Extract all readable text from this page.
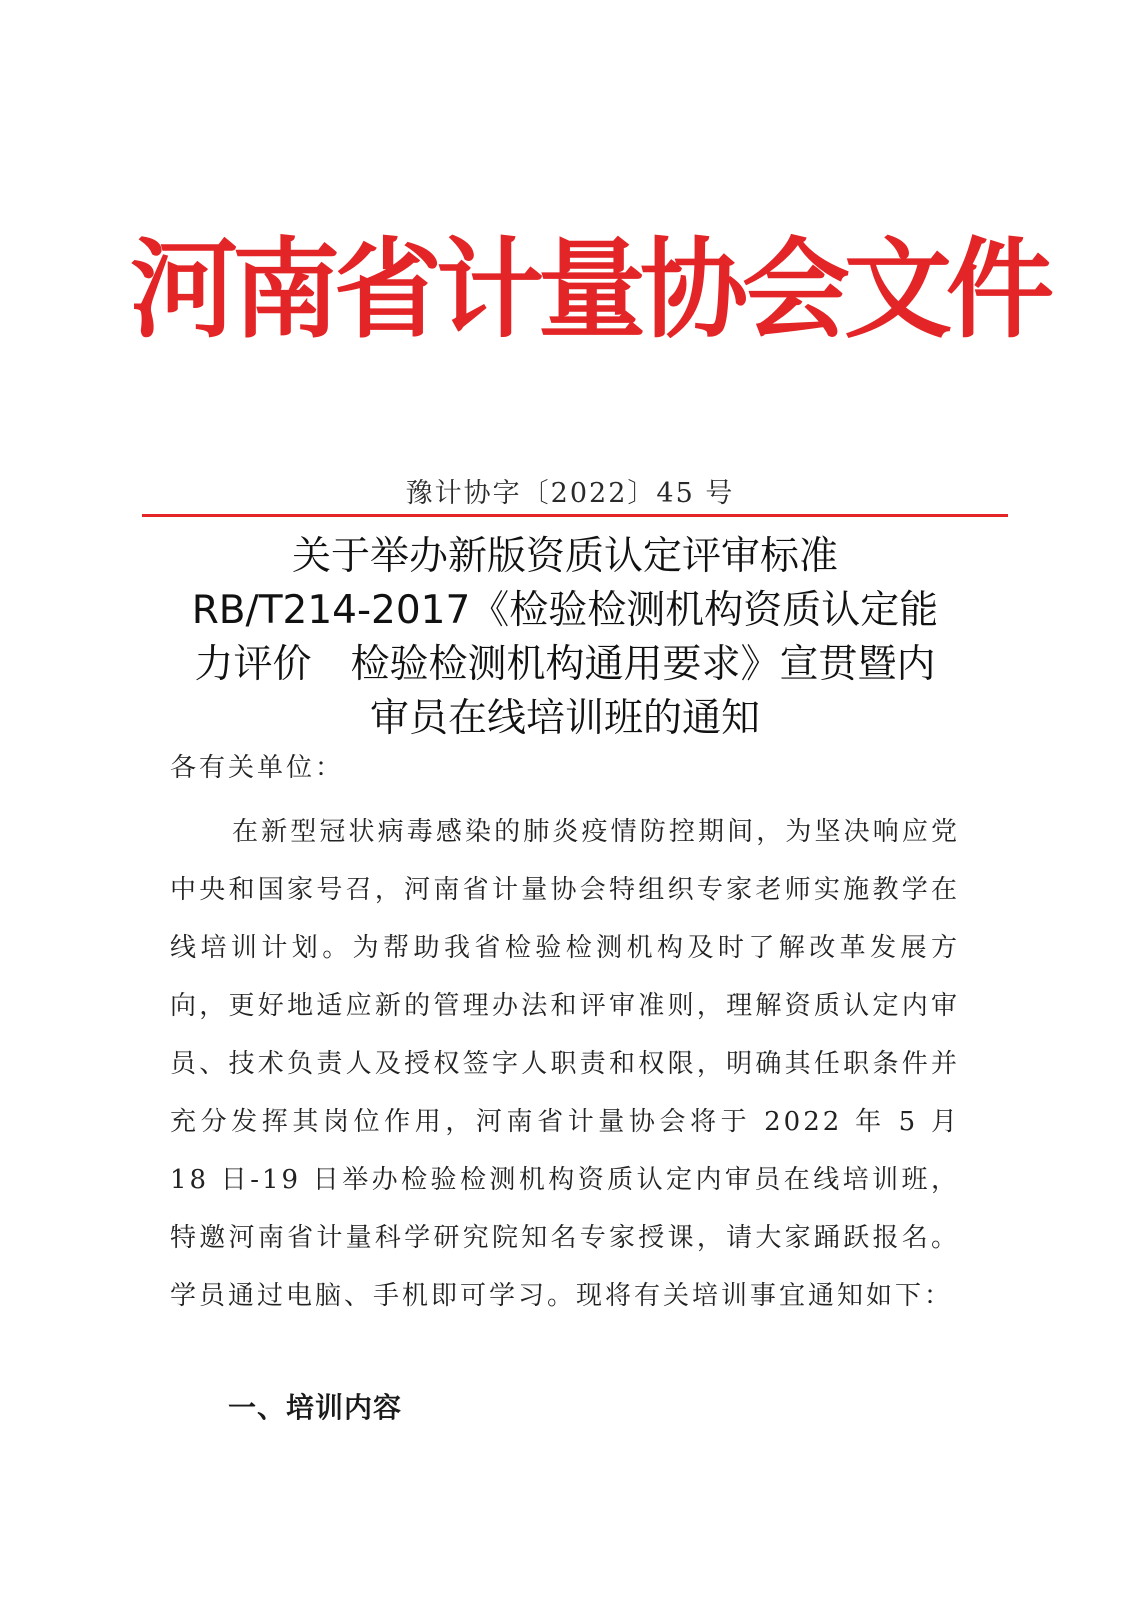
河南省计量协会文件
豫计协字〔2022〕45 号
关于举办新版资质认定评审标准
RB/T214-2017《检验检测机构资质认定能
力评价　检验检测机构通用要求》宣贯暨内
审员在线培训班的通知
各有关单位：

在新型冠状病毒感染的肺炎疫情防控期间，为坚决响应党中央和国家号召，河南省计量协会特组织专家老师实施教学在线培训计划。为帮助我省检验检测机构及时了解改革发展方向，更好地适应新的管理办法和评审准则，理解资质认定内审员、技术负责人及授权签字人职责和权限，明确其任职条件并充分发挥其岗位作用，河南省计量协会将于 2022 年 5 月 18 日-19 日举办检验检测机构资质认定内审员在线培训班，特邀河南省计量科学研究院知名专家授课，请大家踊跃报名。学员通过电脑、手机即可学习。现将有关培训事宜通知如下：

一、培训内容
